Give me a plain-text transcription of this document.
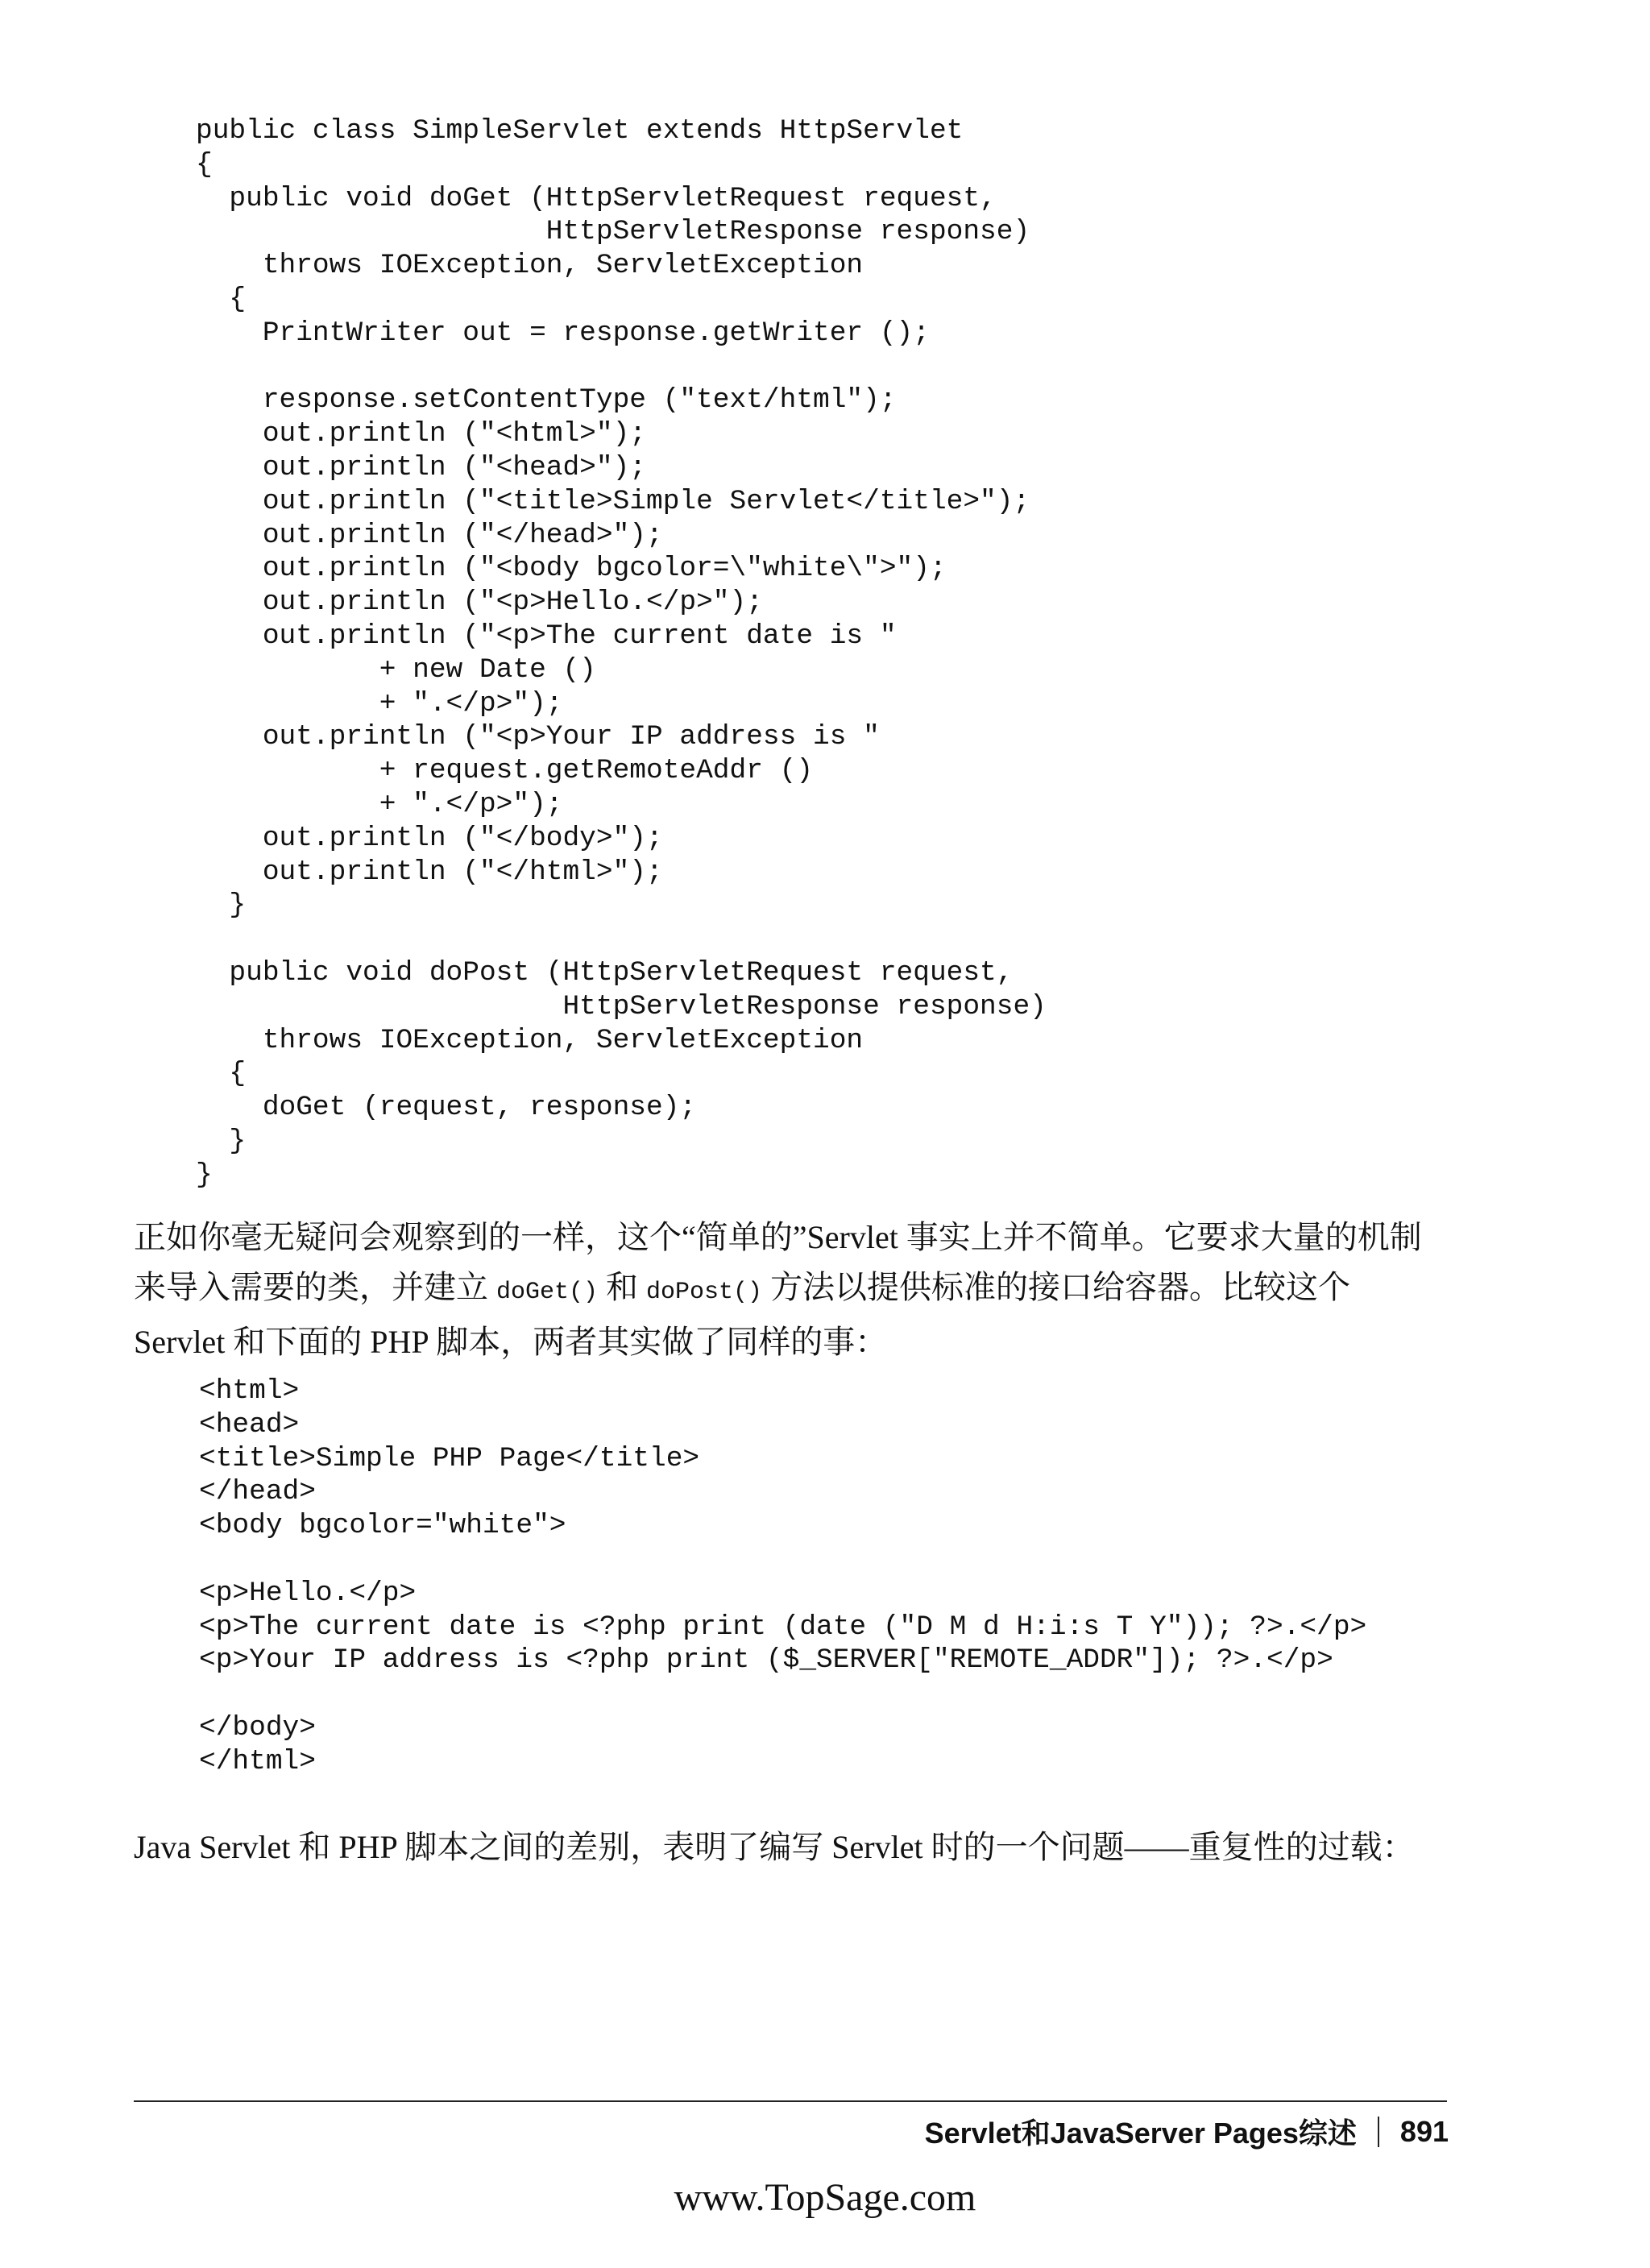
public class SimpleServlet extends HttpServlet
{
public void doGet (HttpServletRequest request,
HttpServletResponse response)
throws IOException, ServletException
{
PrintWriter out = response.getWriter ();

response.setContentType ("text/html");
out.println ("<html>");
out.println ("<head>");
out.println ("<title>Simple Servlet</title>");
out.println ("</head>");
out.println ("<body bgcolor=\"white\">");
out.println ("<p>Hello.</p>");
out.println ("<p>The current date is "
+ new Date ()
+ ".</p>");
out.println ("<p>Your IP address is "
+ request.getRemoteAddr ()
+ ".</p>");
out.println ("</body>");
out.println ("</html>");
}

public void doPost (HttpServletRequest request,
HttpServletResponse response)
throws IOException, ServletException
{
doGet (request, response);
}
}

正如你毫无疑问会观察到的一样，这个“简单的”Servlet 事实上并不简单。它要求大量的机制来导入需要的类，并建立 doGet() 和 doPost() 方法以提供标准的接口给容器。比较这个 Servlet 和下面的 PHP 脚本，两者其实做了同样的事：

<html>
<head>
<title>Simple PHP Page</title>
</head>
<body bgcolor="white">

<p>Hello.</p>
<p>The current date is <?php print (date ("D M d H:i:s T Y")); ?>.</p>
<p>Your IP address is <?php print ($_SERVER["REMOTE_ADDR"]); ?>.</p>

</body>
</html>

Java Servlet 和 PHP 脚本之间的差别，表明了编写 Servlet 时的一个问题——重复性的过载：

Servlet和JavaServer Pages综述 891
www.TopSage.com
